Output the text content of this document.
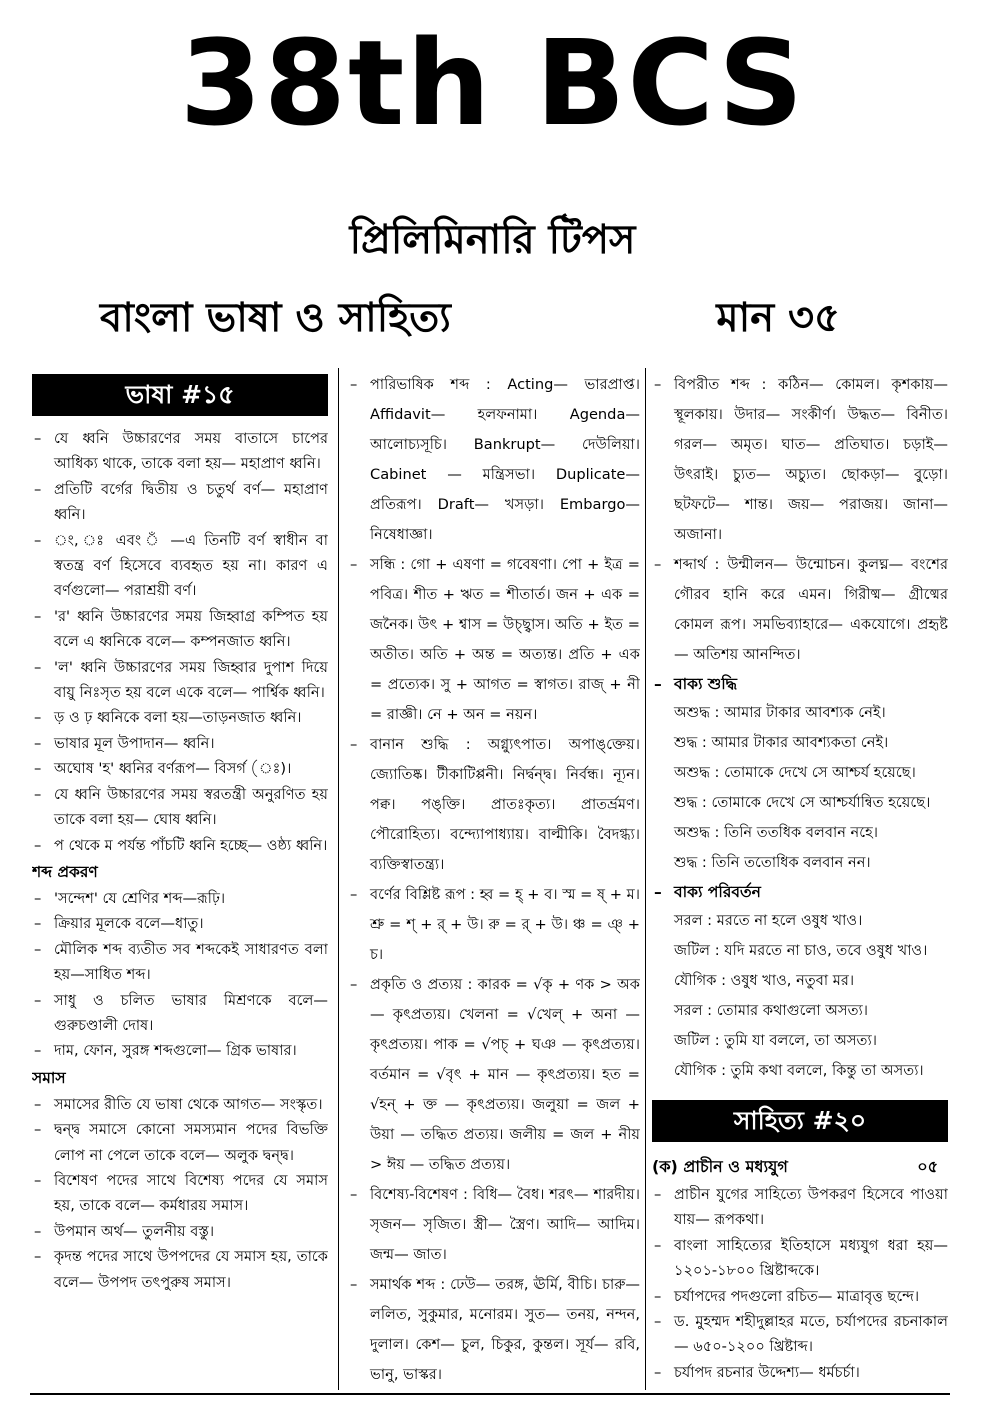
38th BCS
প্রিলিমিনারি টিপস
বাংলা ভাষা ও সাহিত্য	মান ৩৫
ভাষা #১৫
– যে ধ্বনি উচ্চারণের সময় বাতাসে চাপের আধিক্য থাকে, তাকে বলা হয়— মহাপ্রাণ ধ্বনি।
– প্রতিটি বর্গের দ্বিতীয় ও চতুর্থ বর্ণ— মহাপ্রাণ ধ্বনি।
– ং, ঃ এবং ঁ —এ তিনটি বর্ণ স্বাধীন বা স্বতন্ত্র বর্ণ হিসেবে ব্যবহৃত হয় না। কারণ এ বর্ণগুলো— পরাশ্রয়ী বর্ণ।
– 'র' ধ্বনি উচ্চারণের সময় জিহ্বাগ্র কম্পিত হয় বলে এ ধ্বনিকে বলে— কম্পনজাত ধ্বনি।
– 'ল' ধ্বনি উচ্চারণের সময় জিহ্বার দুপাশ দিয়ে বায়ু নিঃসৃত হয় বলে একে বলে— পার্শ্বিক ধ্বনি।
– ড় ও ঢ় ধ্বনিকে বলা হয়—তাড়নজাত ধ্বনি।
– ভাষার মূল উপাদান— ধ্বনি।
– অঘোষ 'হ' ধ্বনির বর্ণরূপ— বিসর্গ (ঃ)।
– যে ধ্বনি উচ্চারণের সময় স্বরতন্ত্রী অনুরণিত হয় তাকে বলা হয়— ঘোষ ধ্বনি।
– প থেকে ম পর্যন্ত পাঁচটি ধ্বনি হচ্ছে— ওষ্ঠ্য ধ্বনি।
শব্দ প্রকরণ
– 'সন্দেশ' যে শ্রেণির শব্দ—রূঢ়ি।
– ক্রিয়ার মূলকে বলে—ধাতু।
– মৌলিক শব্দ ব্যতীত সব শব্দকেই সাধারণত বলা হয়—সাধিত শব্দ।
– সাধু ও চলিত ভাষার মিশ্রণকে বলে— গুরুচণ্ডালী দোষ।
– দাম, ফোন, সুরঙ্গ শব্দগুলো— গ্রিক ভাষার।
সমাস
– সমাসের রীতি যে ভাষা থেকে আগত— সংস্কৃত।
– দ্বন্দ্ব সমাসে কোনো সমস্যমান পদের বিভক্তি লোপ না পেলে তাকে বলে— অলুক দ্বন্দ্ব।
– বিশেষণ পদের সাথে বিশেষ্য পদের যে সমাস হয়, তাকে বলে— কর্মধারয় সমাস।
– উপমান অর্থ— তুলনীয় বস্তু।
– কৃদন্ত পদের সাথে উপপদের যে সমাস হয়, তাকে বলে— উপপদ তৎপুরুষ সমাস।
– পারিভাষিক শব্দ : Acting— ভারপ্রাপ্ত। Affidavit— হলফনামা। Agenda— আলোচ্যসূচি। Bankrupt— দেউলিয়া। Cabinet — মন্ত্রিসভা। Duplicate— প্রতিরূপ। Draft— খসড়া। Embargo— নিষেধাজ্ঞা।
– সন্ধি : গো + এষণা = গবেষণা। পো + ইত্র = পবিত্র। শীত + ঋত = শীতার্ত। জন + এক = জনৈক। উৎ + শ্বাস = উচ্ছ্বাস। অতি + ইত = অতীত। অতি + অন্ত = অত্যন্ত। প্রতি + এক = প্রত্যেক। সু + আগত = স্বাগত। রাজ্ + নী = রাজ্ঞী। নে + অন = নয়ন।
– বানান শুদ্ধি : অগ্ন্যুৎপাত। অপাঙ্‌ক্তেয়। জ্যোতিষ্ক। টীকাটিপ্পনী। নির্দ্বন্দ্ব। নির্বন্ধ। ন্যূন। পক্ব। পঙ্‌ক্তি। প্রাতঃকৃত্য। প্রাতর্ভ্রমণ। পৌরোহিত্য। বন্দ্যোপাধ্যায়। বাল্মীকি। বৈদগ্ধ্য। ব্যক্তিস্বাতন্ত্র্য।
– বর্ণের বিশ্লিষ্ট রূপ : হ্ব = হ্ + ব। স্ম = ষ্ + ম। শ্রু = শ্ + র্ + উ। রু = র্ + উ। ঞ্চ = ঞ্ + চ।
– প্রকৃতি ও প্রত্যয় : কারক = √কৃ + ণক > অক — কৃৎপ্রত্যয়। খেলনা = √খেল্ + অনা — কৃৎপ্রত্যয়। পাক = √পচ্ + ঘঞ — কৃৎপ্রত্যয়। বর্তমান = √বৃৎ + মান — কৃৎপ্রত্যয়। হত = √হন্ + ক্ত — কৃৎপ্রত্যয়। জলুয়া = জল + উয়া — তদ্ধিত প্রত্যয়। জলীয় = জল + নীয় > ঈয় — তদ্ধিত প্রত্যয়।
– বিশেষ্য-বিশেষণ : বিধি— বৈধ। শরৎ— শারদীয়। সৃজন— সৃজিত। স্ত্রী— স্ত্রৈণ। আদি— আদিম। জন্ম— জাত।
– সমার্থক শব্দ : ঢেউ— তরঙ্গ, ঊর্মি, বীচি। চারু— ললিত, সুকুমার, মনোরম। সুত— তনয়, নন্দন, দুলাল। কেশ— চুল, চিকুর, কুন্তল। সূর্য— রবি, ভানু, ভাস্কর।
– বিপরীত শব্দ : কঠিন— কোমল। কৃশকায়— স্থূলকায়। উদার— সংকীর্ণ। উদ্ধত— বিনীত। গরল— অমৃত। ঘাত— প্রতিঘাত। চড়াই— উৎরাই। চ্যুত— অচ্যুত। ছোকড়া— বুড়ো। ছটফটে— শান্ত। জয়— পরাজয়। জানা— অজানা।
– শব্দার্থ : উন্মীলন— উন্মোচন। কুলঘ্ন— বংশের গৌরব হানি করে এমন। গিরীষ্ম— গ্রীষ্মের কোমল রূপ। সমভিব্যাহারে— একযোগে। প্রহৃষ্ট— অতিশয় আনন্দিত।
– বাক্য শুদ্ধি
অশুদ্ধ : আমার টাকার আবশ্যক নেই।
শুদ্ধ : আমার টাকার আবশ্যকতা নেই।
অশুদ্ধ : তোমাকে দেখে সে আশ্চর্য হয়েছে।
শুদ্ধ : তোমাকে দেখে সে আশ্চর্যান্বিত হয়েছে।
অশুদ্ধ : তিনি ততধিক বলবান নহে।
শুদ্ধ : তিনি ততোধিক বলবান নন।
– বাক্য পরিবর্তন
সরল : মরতে না হলে ওষুধ খাও।
জটিল : যদি মরতে না চাও, তবে ওষুধ খাও।
যৌগিক : ওষুধ খাও, নতুবা মর।
সরল : তোমার কথাগুলো অসত্য।
জটিল : তুমি যা বললে, তা অসত্য।
যৌগিক : তুমি কথা বললে, কিন্তু তা অসত্য।
সাহিত্য #২০
(ক) প্রাচীন ও মধ্যযুগ	০৫
– প্রাচীন যুগের সাহিত্যে উপকরণ হিসেবে পাওয়া যায়— রূপকথা।
– বাংলা সাহিত্যের ইতিহাসে মধ্যযুগ ধরা হয়— ১২০১-১৮০০ খ্রিষ্টাব্দকে।
– চর্যাপদের পদগুলো রচিত— মাত্রাবৃত্ত ছন্দে।
– ড. মুহম্মদ শহীদুল্লাহর মতে, চর্যাপদের রচনাকাল— ৬৫০-১২০০ খ্রিষ্টাব্দ।
– চর্যাপদ রচনার উদ্দেশ্য— ধর্মচর্চা।
